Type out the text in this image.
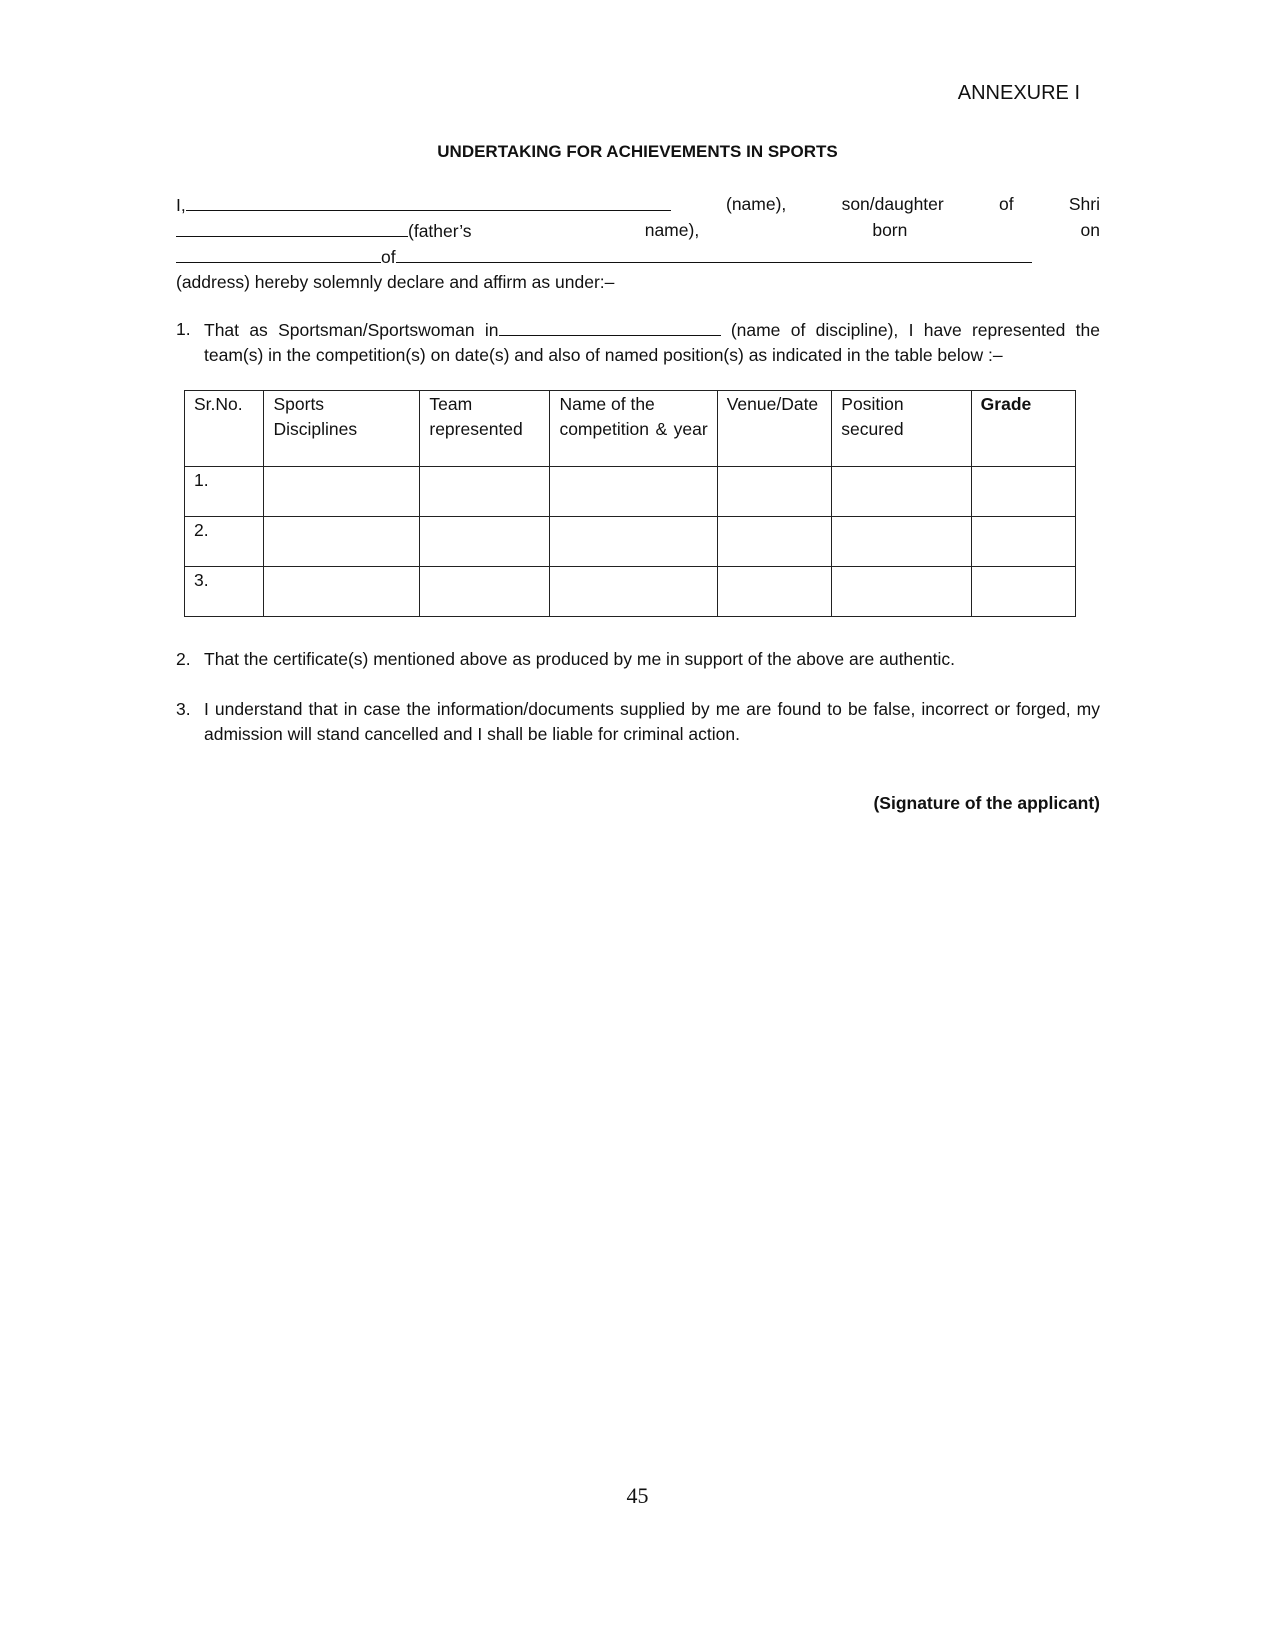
ANNEXURE I
UNDERTAKING FOR ACHIEVEMENTS IN SPORTS
I,	(name),	son/daughter	of	Shri
(father’s	name),	born	on
of
(address) hereby solemnly declare and affirm as under:–
1. That as Sportsman/Sportswoman in	(name of discipline), I have represented the team(s) in the competition(s) on date(s) and also of named position(s) as indicated in the table below :–
Sr.No.	Sports Disciplines	Team represented	Name of the competition & year	Venue/Date	Position secured	Grade
1.						
2.						
3.						
2. That the certificate(s) mentioned above as produced by me in support of the above are authentic.
3. I understand that in case the information/documents supplied by me are found to be false, incorrect or forged, my admission will stand cancelled and I shall be liable for criminal action.
(Signature of the applicant)
45
